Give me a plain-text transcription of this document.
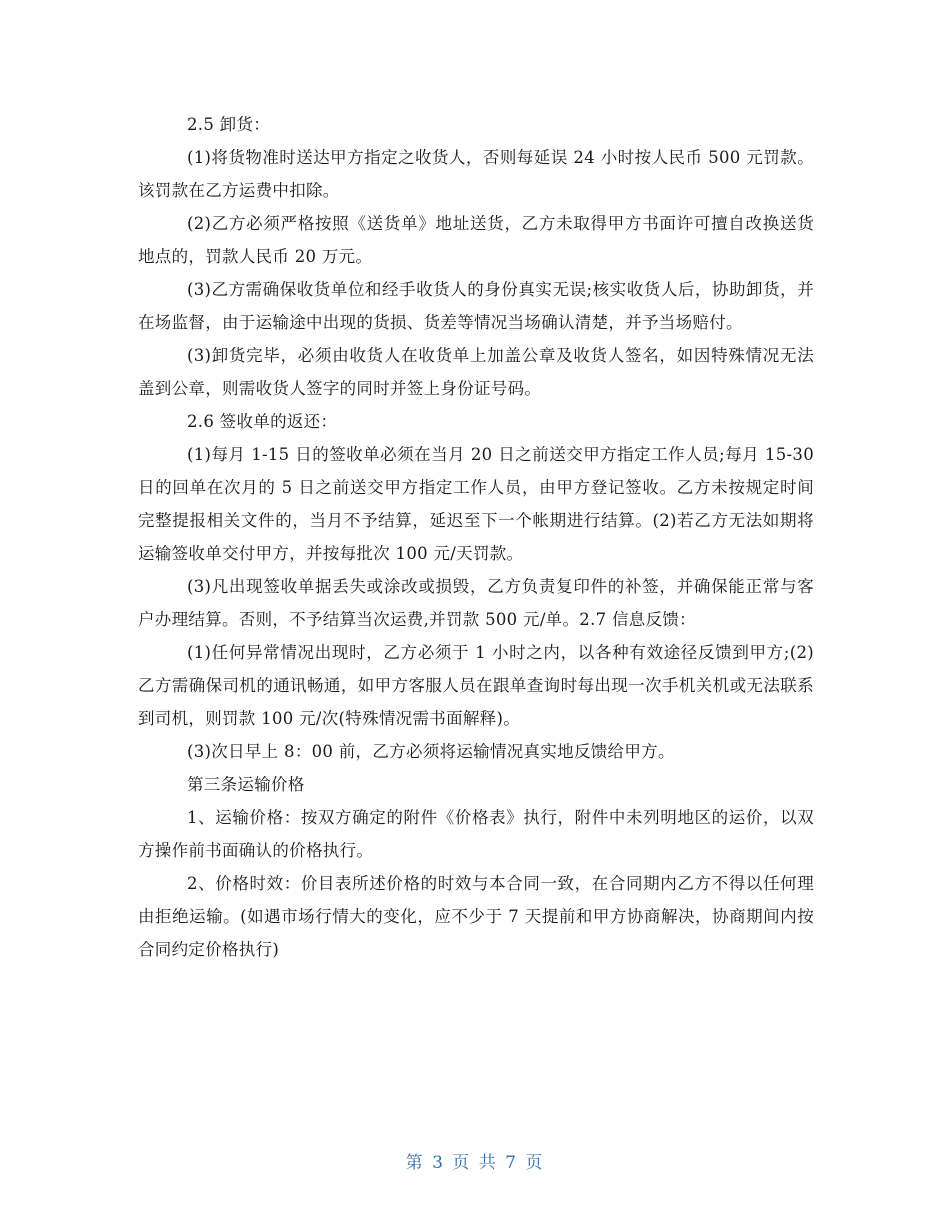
2.5 卸货：

(1)将货物准时送达甲方指定之收货人，否则每延误 24 小时按人民币 500 元罚款。该罚款在乙方运费中扣除。

(2)乙方必须严格按照《送货单》地址送货，乙方未取得甲方书面许可擅自改换送货地点的，罚款人民币 20 万元。

(3)乙方需确保收货单位和经手收货人的身份真实无误;核实收货人后，协助卸货，并在场监督，由于运输途中出现的货损、货差等情况当场确认清楚，并予当场赔付。

(3)卸货完毕，必须由收货人在收货单上加盖公章及收货人签名，如因特殊情况无法盖到公章，则需收货人签字的同时并签上身份证号码。

2.6 签收单的返还：

(1)每月 1-15 日的签收单必须在当月 20 日之前送交甲方指定工作人员;每月 15-30 日的回单在次月的 5 日之前送交甲方指定工作人员，由甲方登记签收。乙方未按规定时间完整提报相关文件的，当月不予结算，延迟至下一个帐期进行结算。(2)若乙方无法如期将运输签收单交付甲方，并按每批次 100 元/天罚款。

(3)凡出现签收单据丢失或涂改或损毁，乙方负责复印件的补签，并确保能正常与客户办理结算。否则，不予结算当次运费,并罚款 500 元/单。2.7 信息反馈：

(1)任何异常情况出现时，乙方必须于 1 小时之内，以各种有效途径反馈到甲方;(2)乙方需确保司机的通讯畅通，如甲方客服人员在跟单查询时每出现一次手机关机或无法联系到司机，则罚款 100 元/次(特殊情况需书面解释)。

(3)次日早上 8：00 前，乙方必须将运输情况真实地反馈给甲方。

第三条运输价格

1、运输价格：按双方确定的附件《价格表》执行，附件中未列明地区的运价，以双方操作前书面确认的价格执行。

2、价格时效：价目表所述价格的时效与本合同一致，在合同期内乙方不得以任何理由拒绝运输。(如遇市场行情大的变化，应不少于 7 天提前和甲方协商解决，协商期间内按合同约定价格执行)

第 3 页 共 7 页
